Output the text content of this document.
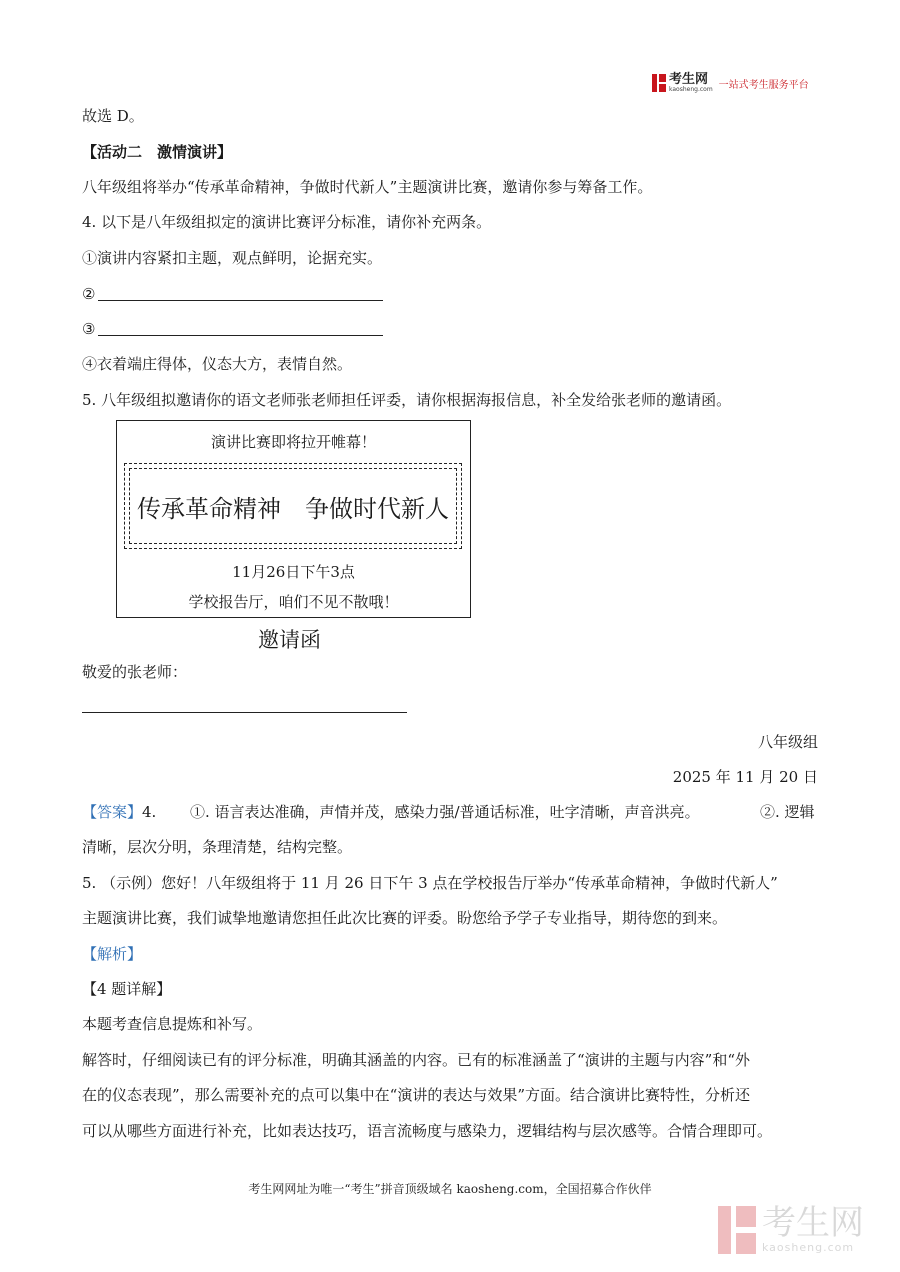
考生网
kaosheng.com 一站式考生服务平台
故选 D。
【活动二　激情演讲】
八年级组将举办“传承革命精神，争做时代新人”主题演讲比赛，邀请你参与筹备工作。
4. 以下是八年级组拟定的演讲比赛评分标准，请你补充两条。
①演讲内容紧扣主题，观点鲜明，论据充实。
②
③
④衣着端庄得体，仪态大方，表情自然。
5. 八年级组拟邀请你的语文老师张老师担任评委，请你根据海报信息，补全发给张老师的邀请函。
演讲比赛即将拉开帷幕！
传承革命精神　争做时代新人
11月26日下午3点
学校报告厅，咱们不见不散哦！
邀请函
敬爱的张老师：
八年级组
2025 年 11 月 20 日
【答案】4. ①. 语言表达准确，声情并茂，感染力强/普通话标准，吐字清晰，声音洪亮。	②. 逻辑
清晰，层次分明，条理清楚，结构完整。
5. （示例）您好！八年级组将于 11 月 26 日下午 3 点在学校报告厅举办“传承革命精神，争做时代新人”
主题演讲比赛，我们诚挚地邀请您担任此次比赛的评委。盼您给予学子专业指导，期待您的到来。
【解析】
【4 题详解】
本题考查信息提炼和补写。
解答时，仔细阅读已有的评分标准，明确其涵盖的内容。已有的标准涵盖了“演讲的主题与内容”和“外
在的仪态表现”，那么需要补充的点可以集中在“演讲的表达与效果”方面。结合演讲比赛特性，分析还
可以从哪些方面进行补充，比如表达技巧，语言流畅度与感染力，逻辑结构与层次感等。合情合理即可。
考生网网址为唯一“考生”拼音顶级域名 kaosheng.com，全国招募合作伙伴
考生网
kaosheng.com
